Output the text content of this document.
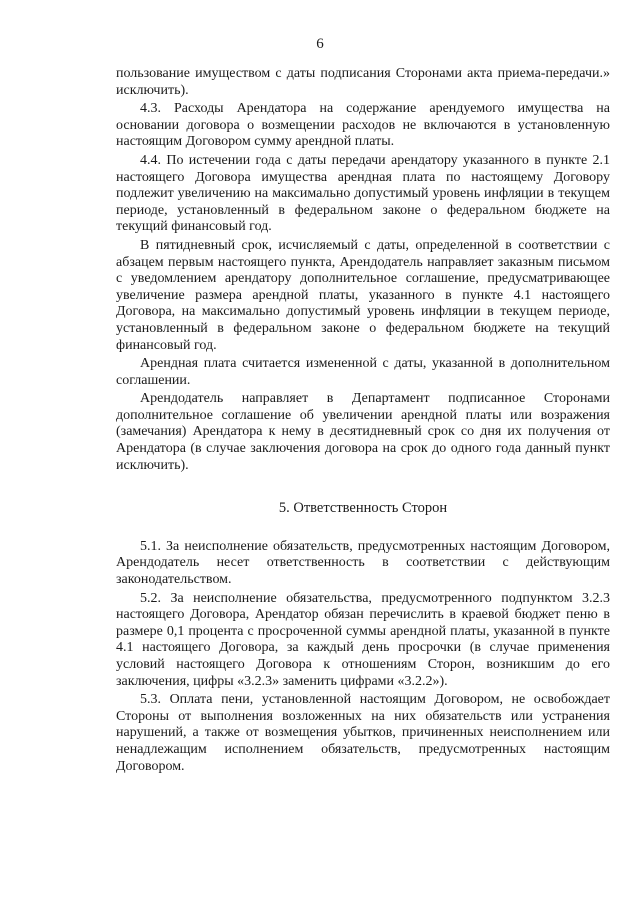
6

пользование имуществом с даты подписания Сторонами акта приема-передачи.» исключить).

4.3. Расходы Арендатора на содержание арендуемого имущества на основании договора о возмещении расходов не включаются в установленную настоящим Договором сумму арендной платы.

4.4. По истечении года с даты передачи арендатору указанного в пункте 2.1 настоящего Договора имущества арендная плата по настоящему Договору подлежит увеличению на максимально допустимый уровень инфляции в текущем периоде, установленный в федеральном законе о федеральном бюджете на текущий финансовый год.

В пятидневный срок, исчисляемый с даты, определенной в соответствии с абзацем первым настоящего пункта, Арендодатель направляет заказным письмом с уведомлением арендатору дополнительное соглашение, предусматривающее увеличение размера арендной платы, указанного в пункте 4.1 настоящего Договора, на максимально допустимый уровень инфляции в текущем периоде, установленный в федеральном законе о федеральном бюджете на текущий финансовый год.

Арендная плата считается измененной с даты, указанной в дополнительном соглашении.

Арендодатель направляет в Департамент подписанное Сторонами дополнительное соглашение об увеличении арендной платы или возражения (замечания) Арендатора к нему в десятидневный срок со дня их получения от Арендатора (в случае заключения договора на срок до одного года данный пункт исключить).

5. Ответственность Сторон

5.1. За неисполнение обязательств, предусмотренных настоящим Договором, Арендодатель несет ответственность в соответствии с действующим законодательством.

5.2. За неисполнение обязательства, предусмотренного подпунктом 3.2.3 настоящего Договора, Арендатор обязан перечислить в краевой бюджет пеню в размере 0,1 процента с просроченной суммы арендной платы, указанной в пункте 4.1 настоящего Договора, за каждый день просрочки (в случае применения условий настоящего Договора к отношениям Сторон, возникшим до его заключения, цифры «3.2.3» заменить цифрами «3.2.2»).

5.3. Оплата пени, установленной настоящим Договором, не освобождает Стороны от выполнения возложенных на них обязательств или устранения нарушений, а также от возмещения убытков, причиненных неисполнением или ненадлежащим исполнением обязательств, предусмотренных настоящим Договором.
